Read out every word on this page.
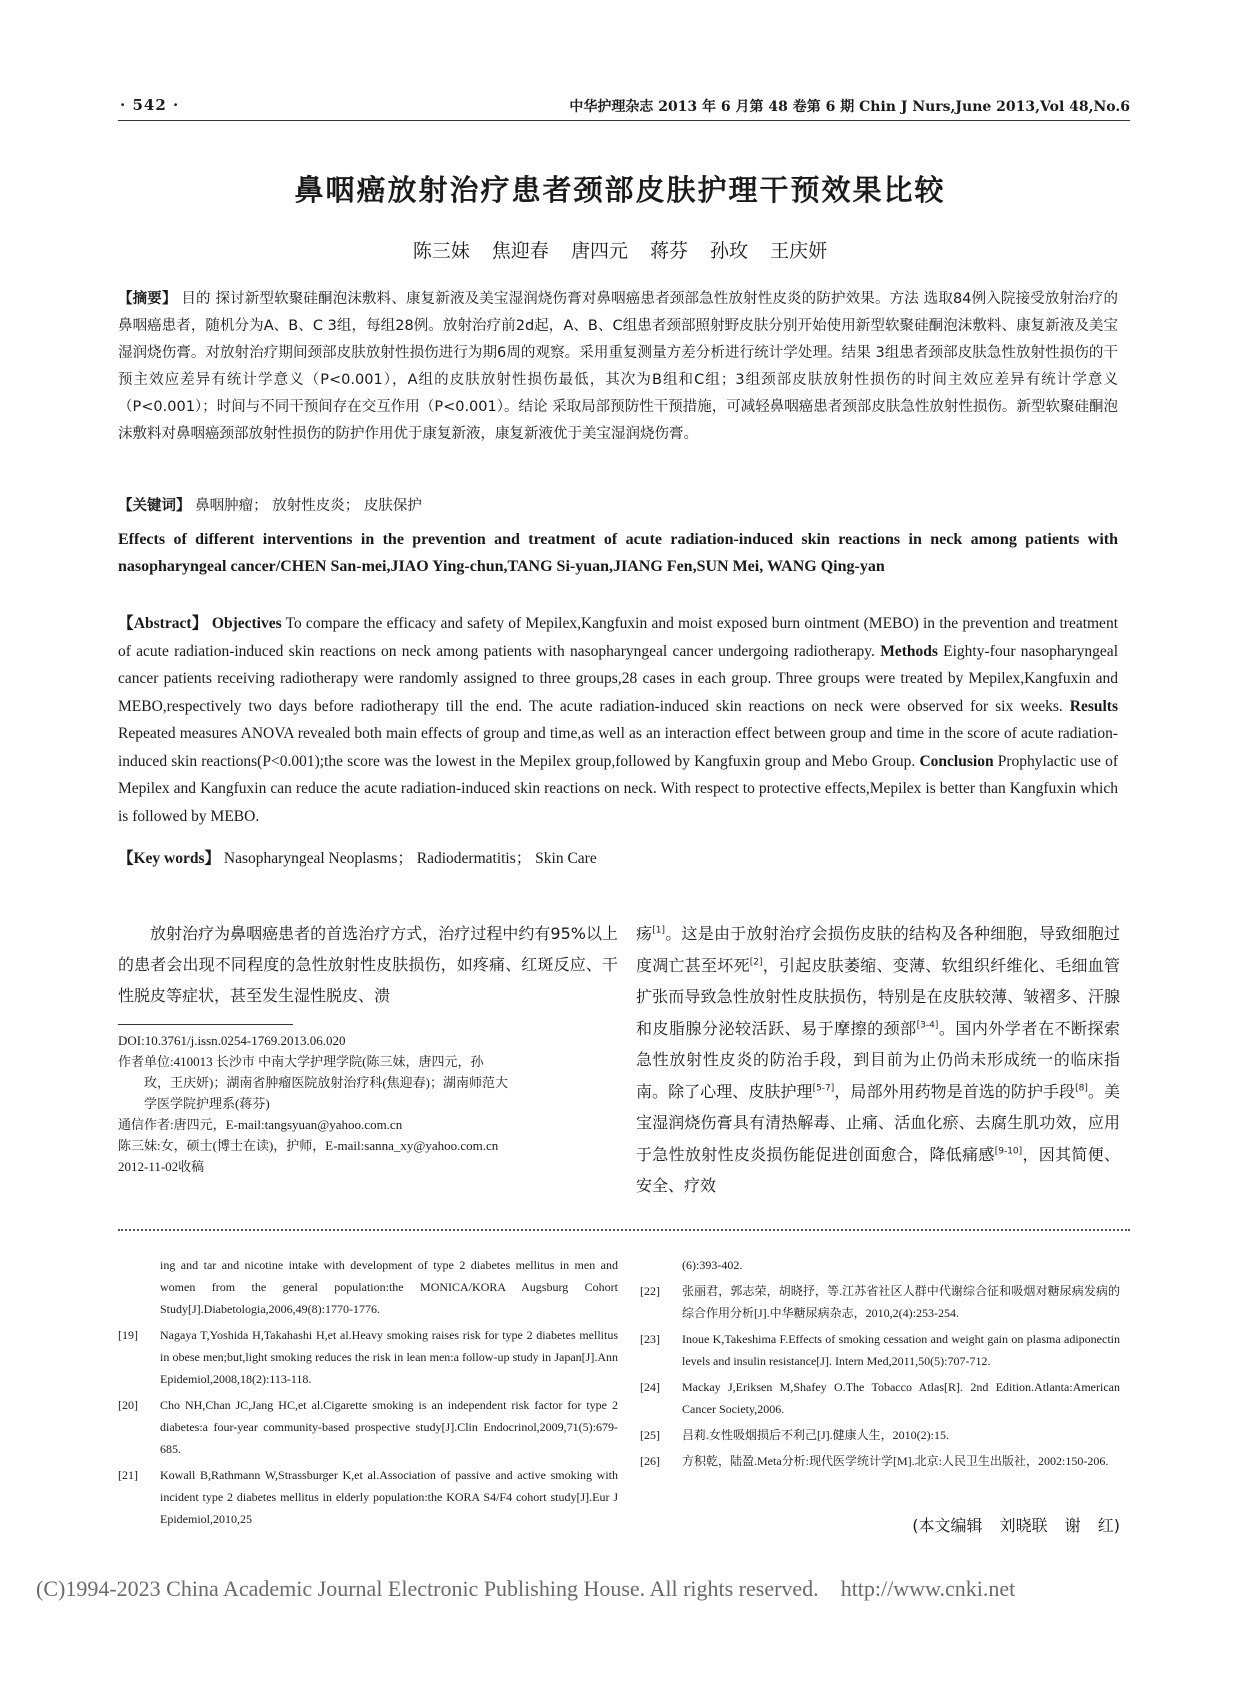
· 542 ·	中华护理杂志 2013 年 6 月第 48 卷第 6 期 Chin J Nurs,June 2013,Vol 48,No.6
鼻咽癌放射治疗患者颈部皮肤护理干预效果比较
陈三妹 焦迎春 唐四元 蒋芬 孙玫 王庆妍
【摘要】 目的 探讨新型软聚硅酮泡沫敷料、康复新液及美宝湿润烧伤膏对鼻咽癌患者颈部急性放射性皮炎的防护效果。方法 选取84例入院接受放射治疗的鼻咽癌患者，随机分为A、B、C 3组，每组28例。放射治疗前2d起，A、B、C组患者颈部照射野皮肤分别开始使用新型软聚硅酮泡沫敷料、康复新液及美宝湿润烧伤膏。对放射治疗期间颈部皮肤放射性损伤进行为期6周的观察。采用重复测量方差分析进行统计学处理。结果 3组患者颈部皮肤急性放射性损伤的干预主效应差异有统计学意义（P<0.001），A组的皮肤放射性损伤最低，其次为B组和C组；3组颈部皮肤放射性损伤的时间主效应差异有统计学意义（P<0.001）；时间与不同干预间存在交互作用（P<0.001）。结论 采取局部预防性干预措施，可减轻鼻咽癌患者颈部皮肤急性放射性损伤。新型软聚硅酮泡沫敷料对鼻咽癌颈部放射性损伤的防护作用优于康复新液，康复新液优于美宝湿润烧伤膏。
【关键词】 鼻咽肿瘤； 放射性皮炎； 皮肤保护
Effects of different interventions in the prevention and treatment of acute radiation-induced skin reactions in neck among patients with nasopharyngeal cancer/CHEN San-mei,JIAO Ying-chun,TANG Si-yuan,JIANG Fen,SUN Mei, WANG Qing-yan
【Abstract】 Objectives To compare the efficacy and safety of Mepilex,Kangfuxin and moist exposed burn ointment (MEBO) in the prevention and treatment of acute radiation-induced skin reactions on neck among patients with nasopharyngeal cancer undergoing radiotherapy. Methods Eighty-four nasopharyngeal cancer patients receiving radiotherapy were randomly assigned to three groups,28 cases in each group. Three groups were treated by Mepilex,Kangfuxin and MEBO,respectively two days before radiotherapy till the end. The acute radiation-induced skin reactions on neck were observed for six weeks. Results Repeated measures ANOVA revealed both main effects of group and time,as well as an interaction effect between group and time in the score of acute radiation-induced skin reactions(P<0.001);the score was the lowest in the Mepilex group,followed by Kangfuxin group and Mebo Group. Conclusion Prophylactic use of Mepilex and Kangfuxin can reduce the acute radiation-induced skin reactions on neck. With respect to protective effects,Mepilex is better than Kangfuxin which is followed by MEBO.
【Key words】 Nasopharyngeal Neoplasms； Radiodermatitis； Skin Care
放射治疗为鼻咽癌患者的首选治疗方式，治疗过程中约有95%以上的患者会出现不同程度的急性放射性皮肤损伤，如疼痛、红斑反应、干性脱皮等症状，甚至发生湿性脱皮、溃
疡[1]。这是由于放射治疗会损伤皮肤的结构及各种细胞，导致细胞过度凋亡甚至坏死[2]，引起皮肤萎缩、变薄、软组织纤维化、毛细血管扩张而导致急性放射性皮肤损伤，特别是在皮肤较薄、皱褶多、汗腺和皮脂腺分泌较活跃、易于摩擦的颈部[3-4]。国内外学者在不断探索急性放射性皮炎的防治手段，到目前为止仍尚未形成统一的临床指南。除了心理、皮肤护理[5-7]，局部外用药物是首选的防护手段[8]。美宝湿润烧伤膏具有清热解毒、止痛、活血化瘀、去腐生肌功效，应用于急性放射性皮炎损伤能促进创面愈合，降低痛感[9-10]，因其简便、安全、疗效
DOI:10.3761/j.issn.0254-1769.2013.06.020
作者单位:410013 长沙市 中南大学护理学院(陈三妹，唐四元，孙
玫，王庆妍)；湖南省肿瘤医院放射治疗科(焦迎春)；湖南师范大
学医学院护理系(蒋芬)
通信作者:唐四元，E-mail:tangsyuan@yahoo.com.cn
陈三妹:女，硕士(博士在读)，护师，E-mail:sanna_xy@yahoo.com.cn
2012-11-02收稿
ing and tar and nicotine intake with development of type 2 diabetes mellitus in men and women from the general population:the MONICA/KORA Augsburg Cohort Study[J].Diabetologia,2006,49(8):1770-1776.
[19]	Nagaya T,Yoshida H,Takahashi H,et al.Heavy smoking raises risk for type 2 diabetes mellitus in obese men;but,light smoking reduces the risk in lean men:a follow-up study in Japan[J].Ann Epidemiol,2008,18(2):113-118.
[20]	Cho NH,Chan JC,Jang HC,et al.Cigarette smoking is an independent risk factor for type 2 diabetes:a four-year community-based prospective study[J].Clin Endocrinol,2009,71(5):679-685.
[21]	Kowall B,Rathmann W,Strassburger K,et al.Association of passive and active smoking with incident type 2 diabetes mellitus in elderly population:the KORA S4/F4 cohort study[J].Eur J Epidemiol,2010,25
(6):393-402.
[22]	张丽君，郭志荣，胡晓抒，等.江苏省社区人群中代谢综合征和吸烟对糖尿病发病的综合作用分析[J].中华糖尿病杂志，2010,2(4):253-254.
[23]	Inoue K,Takeshima F.Effects of smoking cessation and weight gain on plasma adiponectin levels and insulin resistance[J]. Intern Med,2011,50(5):707-712.
[24]	Mackay J,Eriksen M,Shafey O.The Tobacco Atlas[R]. 2nd Edition.Atlanta:American Cancer Society,2006.
[25]	吕莉.女性吸烟损后不利己[J].健康人生，2010(2):15.
[26]	方积乾，陆盈.Meta分析:现代医学统计学[M].北京:人民卫生出版社，2002:150-206.
(本文编辑 刘晓联 谢 红)
(C)1994-2023 China Academic Journal Electronic Publishing House. All rights reserved. http://www.cnki.net
